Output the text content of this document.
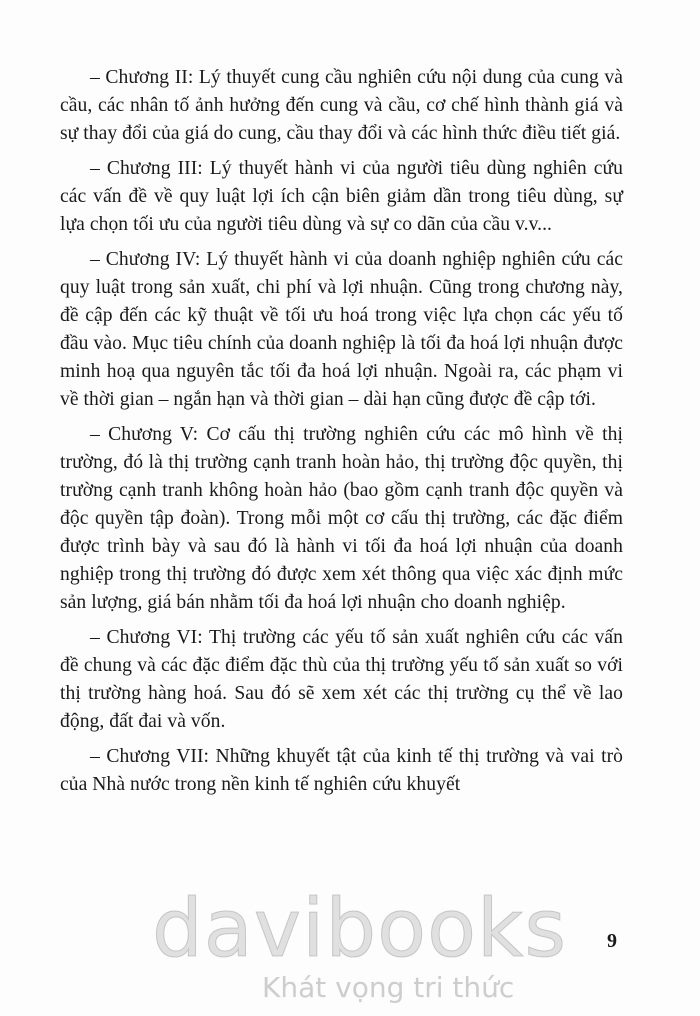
– Chương II: Lý thuyết cung cầu nghiên cứu nội dung của cung và cầu, các nhân tố ảnh hưởng đến cung và cầu, cơ chế hình thành giá và sự thay đổi của giá do cung, cầu thay đổi và các hình thức điều tiết giá.

– Chương III: Lý thuyết hành vi của người tiêu dùng nghiên cứu các vấn đề về quy luật lợi ích cận biên giảm dần trong tiêu dùng, sự lựa chọn tối ưu của người tiêu dùng và sự co dãn của cầu v.v...

– Chương IV: Lý thuyết hành vi của doanh nghiệp nghiên cứu các quy luật trong sản xuất, chi phí và lợi nhuận. Cũng trong chương này, đề cập đến các kỹ thuật về tối ưu hoá trong việc lựa chọn các yếu tố đầu vào. Mục tiêu chính của doanh nghiệp là tối đa hoá lợi nhuận được minh hoạ qua nguyên tắc tối đa hoá lợi nhuận. Ngoài ra, các phạm vi về thời gian – ngắn hạn và thời gian – dài hạn cũng được đề cập tới.

– Chương V: Cơ cấu thị trường nghiên cứu các mô hình về thị trường, đó là thị trường cạnh tranh hoàn hảo, thị trường độc quyền, thị trường cạnh tranh không hoàn hảo (bao gồm cạnh tranh độc quyền và độc quyền tập đoàn). Trong mỗi một cơ cấu thị trường, các đặc điểm được trình bày và sau đó là hành vi tối đa hoá lợi nhuận của doanh nghiệp trong thị trường đó được xem xét thông qua việc xác định mức sản lượng, giá bán nhằm tối đa hoá lợi nhuận cho doanh nghiệp.

– Chương VI: Thị trường các yếu tố sản xuất nghiên cứu các vấn đề chung và các đặc điểm đặc thù của thị trường yếu tố sản xuất so với thị trường hàng hoá. Sau đó sẽ xem xét các thị trường cụ thể về lao động, đất đai và vốn.

– Chương VII: Những khuyết tật của kinh tế thị trường và vai trò của Nhà nước trong nền kinh tế nghiên cứu khuyết

davibooks
Khát vọng tri thức
9
